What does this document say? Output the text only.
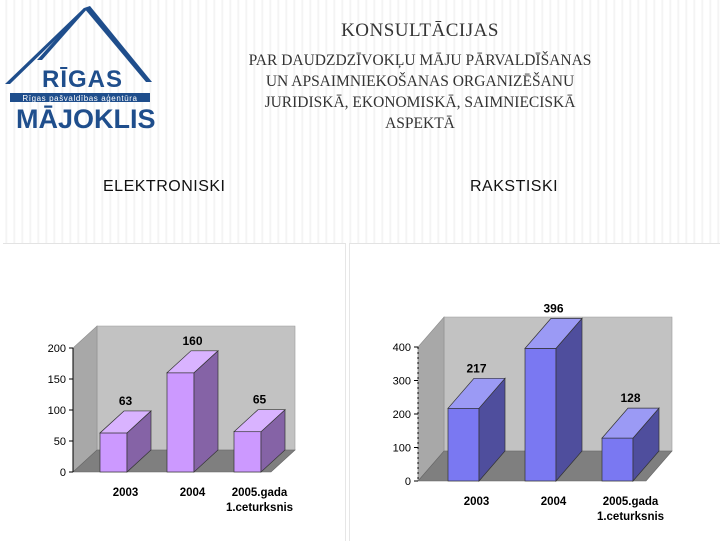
RĪGAS
Rīgas pašvaldības aģentūra
MĀJOKLIS
KONSULTĀCIJAS
PAR DAUDZDZĪVOKĻU MĀJU PĀRVALDĪŠANAS
UN APSAIMNIEKOŠANAS ORGANIZĒŠANU
JURIDISKĀ, EKONOMISKĀ, SAIMNIECISKĀ
ASPEKTĀ
ELEKTRONISKI	RAKSTISKI
0
50
100
150
200
63
2003
160
2004
65
2005.gada
1.ceturksnis
0
100
200
300
400
217
2003
396
2004
128
2005.gada
1.ceturksnis
